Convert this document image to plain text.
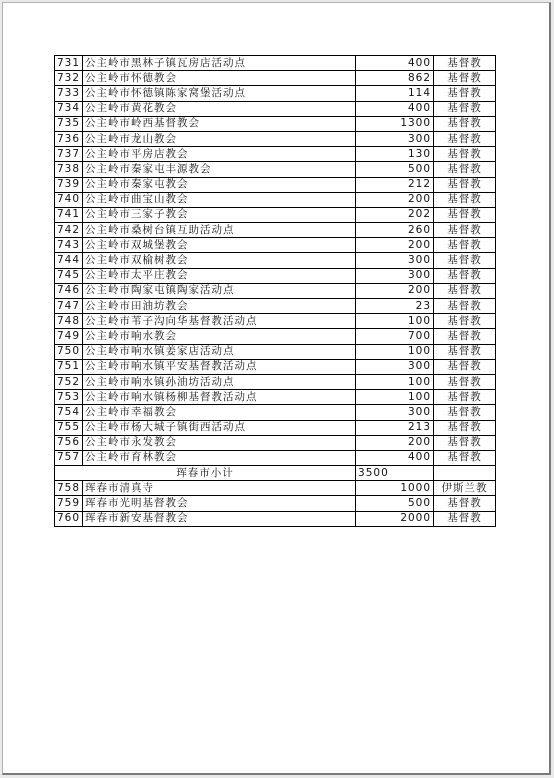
731	公主岭市黑林子镇瓦房店活动点	400	基督教
732	公主岭市怀德教会	862	基督教
733	公主岭市怀德镇陈家窝堡活动点	114	基督教
734	公主岭市黄花教会	400	基督教
735	公主岭市岭西基督教会	1300	基督教
736	公主岭市龙山教会	300	基督教
737	公主岭市平房店教会	130	基督教
738	公主岭市秦家屯丰源教会	500	基督教
739	公主岭市秦家屯教会	212	基督教
740	公主岭市曲宝山教会	200	基督教
741	公主岭市三家子教会	202	基督教
742	公主岭市桑树台镇互助活动点	260	基督教
743	公主岭市双城堡教会	200	基督教
744	公主岭市双榆树教会	300	基督教
745	公主岭市太平庄教会	300	基督教
746	公主岭市陶家屯镇陶家活动点	200	基督教
747	公主岭市田油坊教会	23	基督教
748	公主岭市苇子沟向华基督教活动点	100	基督教
749	公主岭市响水教会	700	基督教
750	公主岭市响水镇姜家店活动点	100	基督教
751	公主岭市响水镇平安基督教活动点	300	基督教
752	公主岭市响水镇孙油坊活动点	100	基督教
753	公主岭市响水镇杨柳基督教活动点	100	基督教
754	公主岭市幸福教会	300	基督教
755	公主岭市杨大城子镇街西活动点	213	基督教
756	公主岭市永发教会	200	基督教
757	公主岭市育林教会	400	基督教
珲春市小计		3500	
758	珲春市清真寺	1000	伊斯兰教
759	珲春市光明基督教会	500	基督教
760	珲春市新安基督教会	2000	基督教
